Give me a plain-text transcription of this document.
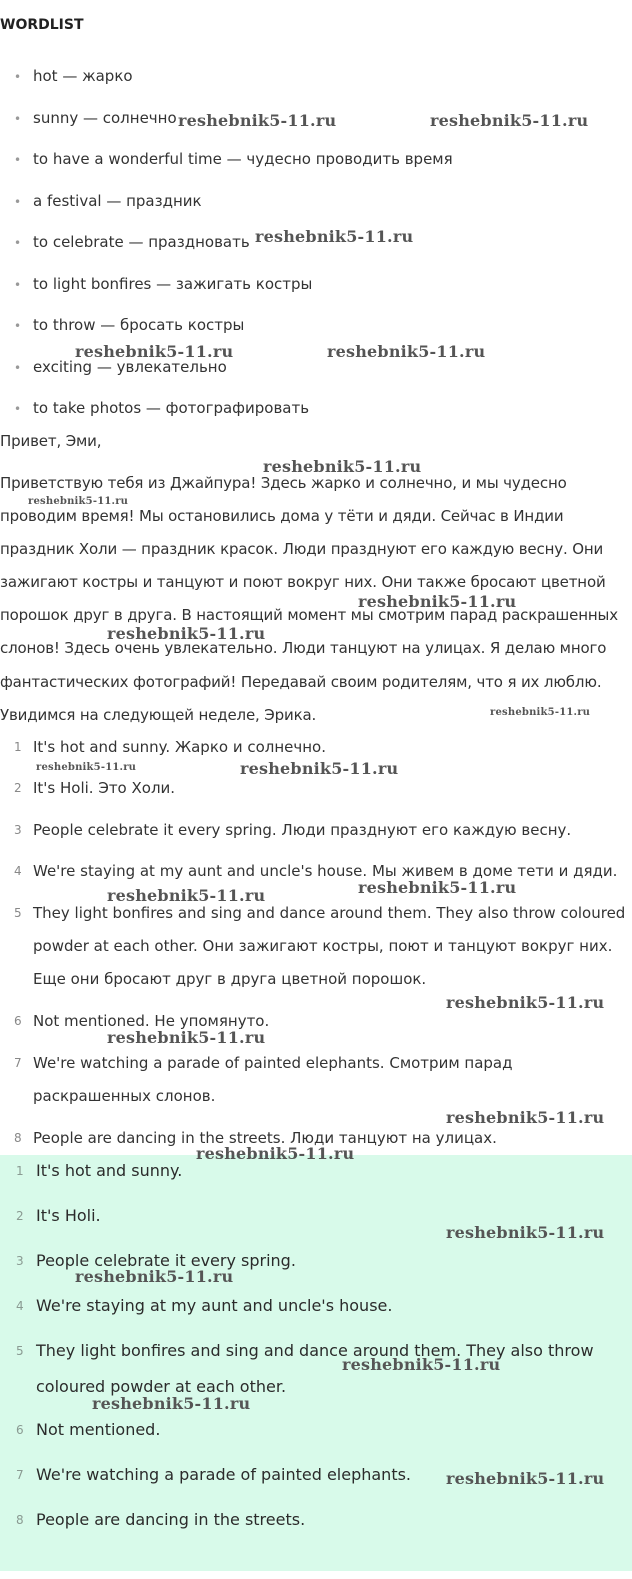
WORDLIST
• hot — жарко
• sunny — солнечно
• to have a wonderful time — чудесно проводить время
• a festival — праздник
• to celebrate — праздновать
• to light bonfires — зажигать костры
• to throw — бросать костры
• exciting — увлекательно
• to take photos — фотографировать

Привет, Эми,

Приветствую тебя из Джайпура! Здесь жарко и солнечно, и мы чудесно

проводим время! Мы остановились дома у тёти и дяди. Сейчас в Индии

праздник Холи — праздник красок. Люди празднуют его каждую весну. Они

зажигают костры и танцуют и поют вокруг них. Они также бросают цветной

порошок друг в друга. В настоящий момент мы смотрим парад раскрашенных

слонов! Здесь очень увлекательно. Люди танцуют на улицах. Я делаю много

фантастических фотографий! Передавай своим родителям, что я их люблю.

Увидимся на следующей неделе, Эрика.

1 It's hot and sunny. Жарко и солнечно.
2 It's Holi. Это Холи.
3 People celebrate it every spring. Люди празднуют его каждую весну.
4 We're staying at my aunt and uncle's house. Мы живем в доме тети и дяди.
5 They light bonfires and sing and dance around them. They also throw coloured
powder at each other. Они зажигают костры, поют и танцуют вокруг них.
Еще они бросают друг в друга цветной порошок.
6 Not mentioned. Не упомянуто.
7 We're watching a parade of painted elephants. Смотрим парад
раскрашенных слонов.
8 People are dancing in the streets. Люди танцуют на улицах.
1 It's hot and sunny.
2 It's Holi.
3 People celebrate it every spring.
4 We're staying at my aunt and uncle's house.
5 They light bonfires and sing and dance around them. They also throw
coloured powder at each other.
6 Not mentioned.
7 We're watching a parade of painted elephants.
8 People are dancing in the streets.
reshebnik5-11.ru	reshebnik5-11.ru
reshebnik5-11.ru
reshebnik5-11.ru	reshebnik5-11.ru
reshebnik5-11.ru
reshebnik5-11.ru
reshebnik5-11.ru
reshebnik5-11.ru
reshebnik5-11.ru
reshebnik5-11.ru	reshebnik5-11.ru
reshebnik5-11.ru	reshebnik5-11.ru
reshebnik5-11.ru
reshebnik5-11.ru
reshebnik5-11.ru
reshebnik5-11.ru
reshebnik5-11.ru
reshebnik5-11.ru
reshebnik5-11.ru
reshebnik5-11.ru
reshebnik5-11.ru
